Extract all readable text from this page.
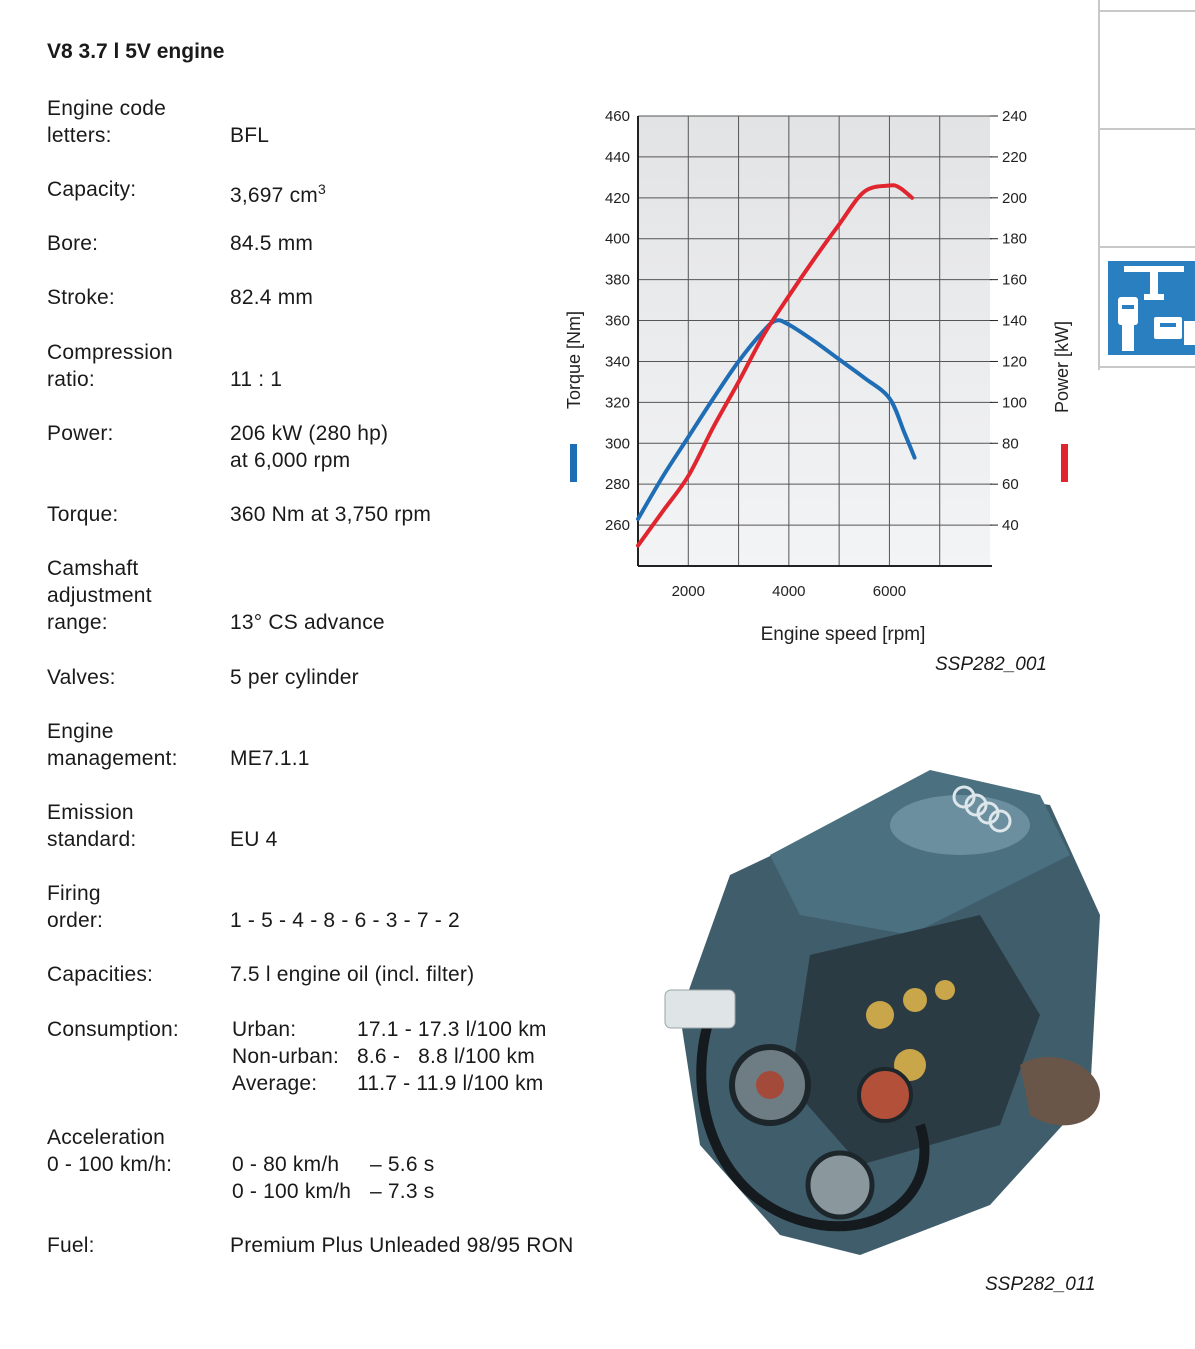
V8 3.7 l 5V engine
Engine code
letters:	BFL
Capacity:	3,697 $cm^3$
Bore:	84.5 mm
Stroke:	82.4 mm
Compression
ratio:	11 : 1
Power:	206 kW (280 hp)
at 6,000 rpm
Torque:	360 Nm at 3,750 rpm
Camshaft
adjustment
range:	13° CS advance
Valves:	5 per cylinder
Engine
management:	ME7.1.1
Emission
standard:	EU 4
Firing
order:	1 - 5 - 4 - 8 - 6 - 3 - 7 - 2
Capacities:	7.5 l engine oil (incl. filter)
Consumption:	Urban:	17.1 - 17.3 l/100 km
Non-urban: 8.6 -   8.8 l/100 km
Average: 11.7 - 11.9 l/100 km
Acceleration
0 - 100 km/h:	0 - 80 km/h – 5.6 s
0 - 100 km/h – 7.3 s
Fuel:	Premium Plus Unleaded 98/95 RON
260
280
300
320
340
360
380
400
420
440
460
40
60
80
100
120
140
160
180
200
220
240
2000	4000	6000
Engine speed [rpm]
Torque [Nm]	Power [kW]
SSP282_001
SSP282_011
